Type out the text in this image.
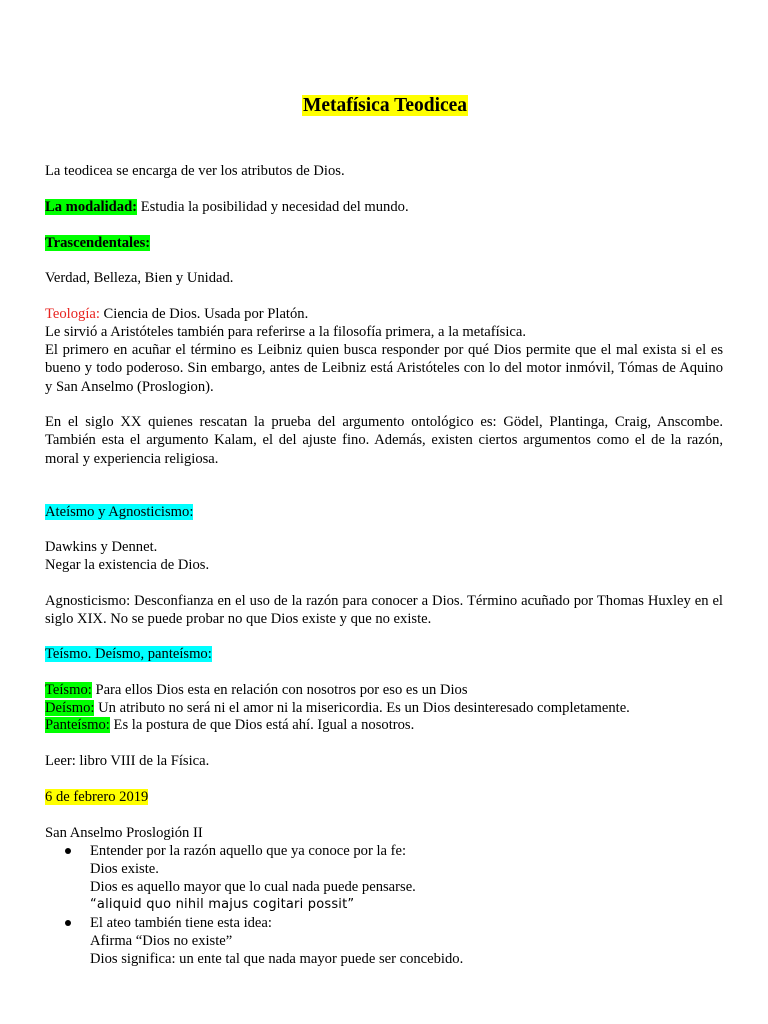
Metafísica Teodicea
La teodicea se encarga de ver los atributos de Dios.
La modalidad: Estudia la posibilidad y necesidad del mundo.
Trascendentales:
Verdad, Belleza, Bien y Unidad.
Teología: Ciencia de Dios. Usada por Platón.
Le sirvió a Aristóteles también para referirse a la filosofía primera, a la metafísica.
El primero en acuñar el término es Leibniz quien busca responder por qué Dios permite que el mal exista si el es bueno y todo poderoso. Sin embargo, antes de Leibniz está Aristóteles con lo del motor inmóvil, Tómas de Aquino y San Anselmo (Proslogion).
En el siglo XX quienes rescatan la prueba del argumento ontológico es: Gödel, Plantinga, Craig, Anscombe. También esta el argumento Kalam, el del ajuste fino. Además, existen ciertos argumentos como el de la razón, moral y experiencia religiosa.
Ateísmo y Agnosticismo:
Dawkins y Dennet.
Negar la existencia de Dios.
Agnosticismo: Desconfianza en el uso de la razón para conocer a Dios. Término acuñado por Thomas Huxley en el siglo XIX. No se puede probar no que Dios existe y que no existe.
Teísmo. Deísmo, panteísmo:
Teísmo: Para ellos Dios esta en relación con nosotros por eso es un Dios
Deísmo: Un atributo no será ni el amor ni la misericordia. Es un Dios desinteresado completamente.
Panteísmo: Es la postura de que Dios está ahí. Igual a nosotros.
Leer: libro VIII de la Física.
6 de febrero 2019
San Anselmo Proslogión II
Entender por la razón aquello que ya conoce por la fe:
Dios existe.
Dios es aquello mayor que lo cual nada puede pensarse.
“aliquid quo nihil majus cogitari possit”
El ateo también tiene esta idea:
Afirma “Dios no existe”
Dios significa: un ente tal que nada mayor puede ser concebido.
